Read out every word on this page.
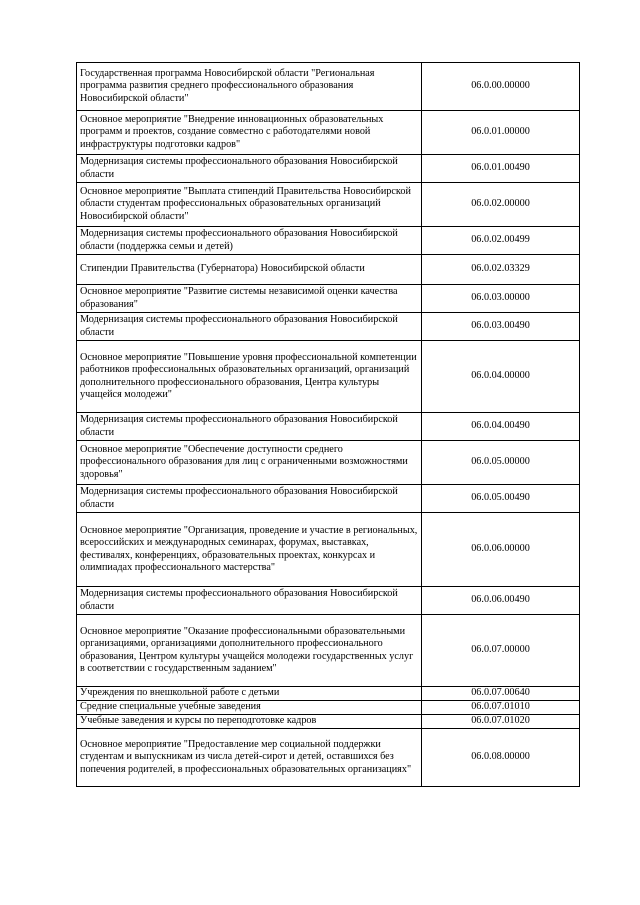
Государственная программа Новосибирской области "Региональная программа развития среднего профессионального образования Новосибирской области"	06.0.00.00000
Основное мероприятие "Внедрение инновационных образовательных программ и проектов, создание совместно с работодателями новой инфраструктуры подготовки кадров"	06.0.01.00000
Модернизация системы профессионального образования Новосибирской области	06.0.01.00490
Основное мероприятие "Выплата стипендий Правительства Новосибирской области студентам профессиональных образовательных организаций Новосибирской области"	06.0.02.00000
Модернизация системы профессионального образования Новосибирской области (поддержка семьи и детей)	06.0.02.00499
Стипендии Правительства (Губернатора) Новосибирской области	06.0.02.03329
Основное мероприятие "Развитие системы независимой оценки качества образования"	06.0.03.00000
Модернизация системы профессионального образования Новосибирской области	06.0.03.00490
Основное мероприятие "Повышение уровня профессиональной компетенции работников профессиональных образовательных организаций, организаций дополнительного профессионального образования, Центра культуры учащейся молодежи"	06.0.04.00000
Модернизация системы профессионального образования Новосибирской области	06.0.04.00490
Основное мероприятие "Обеспечение доступности среднего профессионального образования для лиц с ограниченными возможностями здоровья"	06.0.05.00000
Модернизация системы профессионального образования Новосибирской области	06.0.05.00490
Основное мероприятие "Организация, проведение и участие в региональных, всероссийских и международных семинарах, форумах, выставках, фестивалях, конференциях, образовательных проектах, конкурсах и олимпиадах профессионального мастерства"	06.0.06.00000
Модернизация системы профессионального образования Новосибирской области	06.0.06.00490
Основное мероприятие "Оказание профессиональными образовательными организациями, организациями дополнительного профессионального образования, Центром культуры учащейся молодежи государственных услуг в соответствии с государственным заданием"	06.0.07.00000
Учреждения по внешкольной работе с детьми	06.0.07.00640
Средние специальные учебные заведения	06.0.07.01010
Учебные заведения и курсы по переподготовке кадров	06.0.07.01020
Основное мероприятие "Предоставление мер социальной поддержки студентам и выпускникам из числа детей-сирот и детей, оставшихся без попечения родителей, в профессиональных образовательных организациях"	06.0.08.00000
